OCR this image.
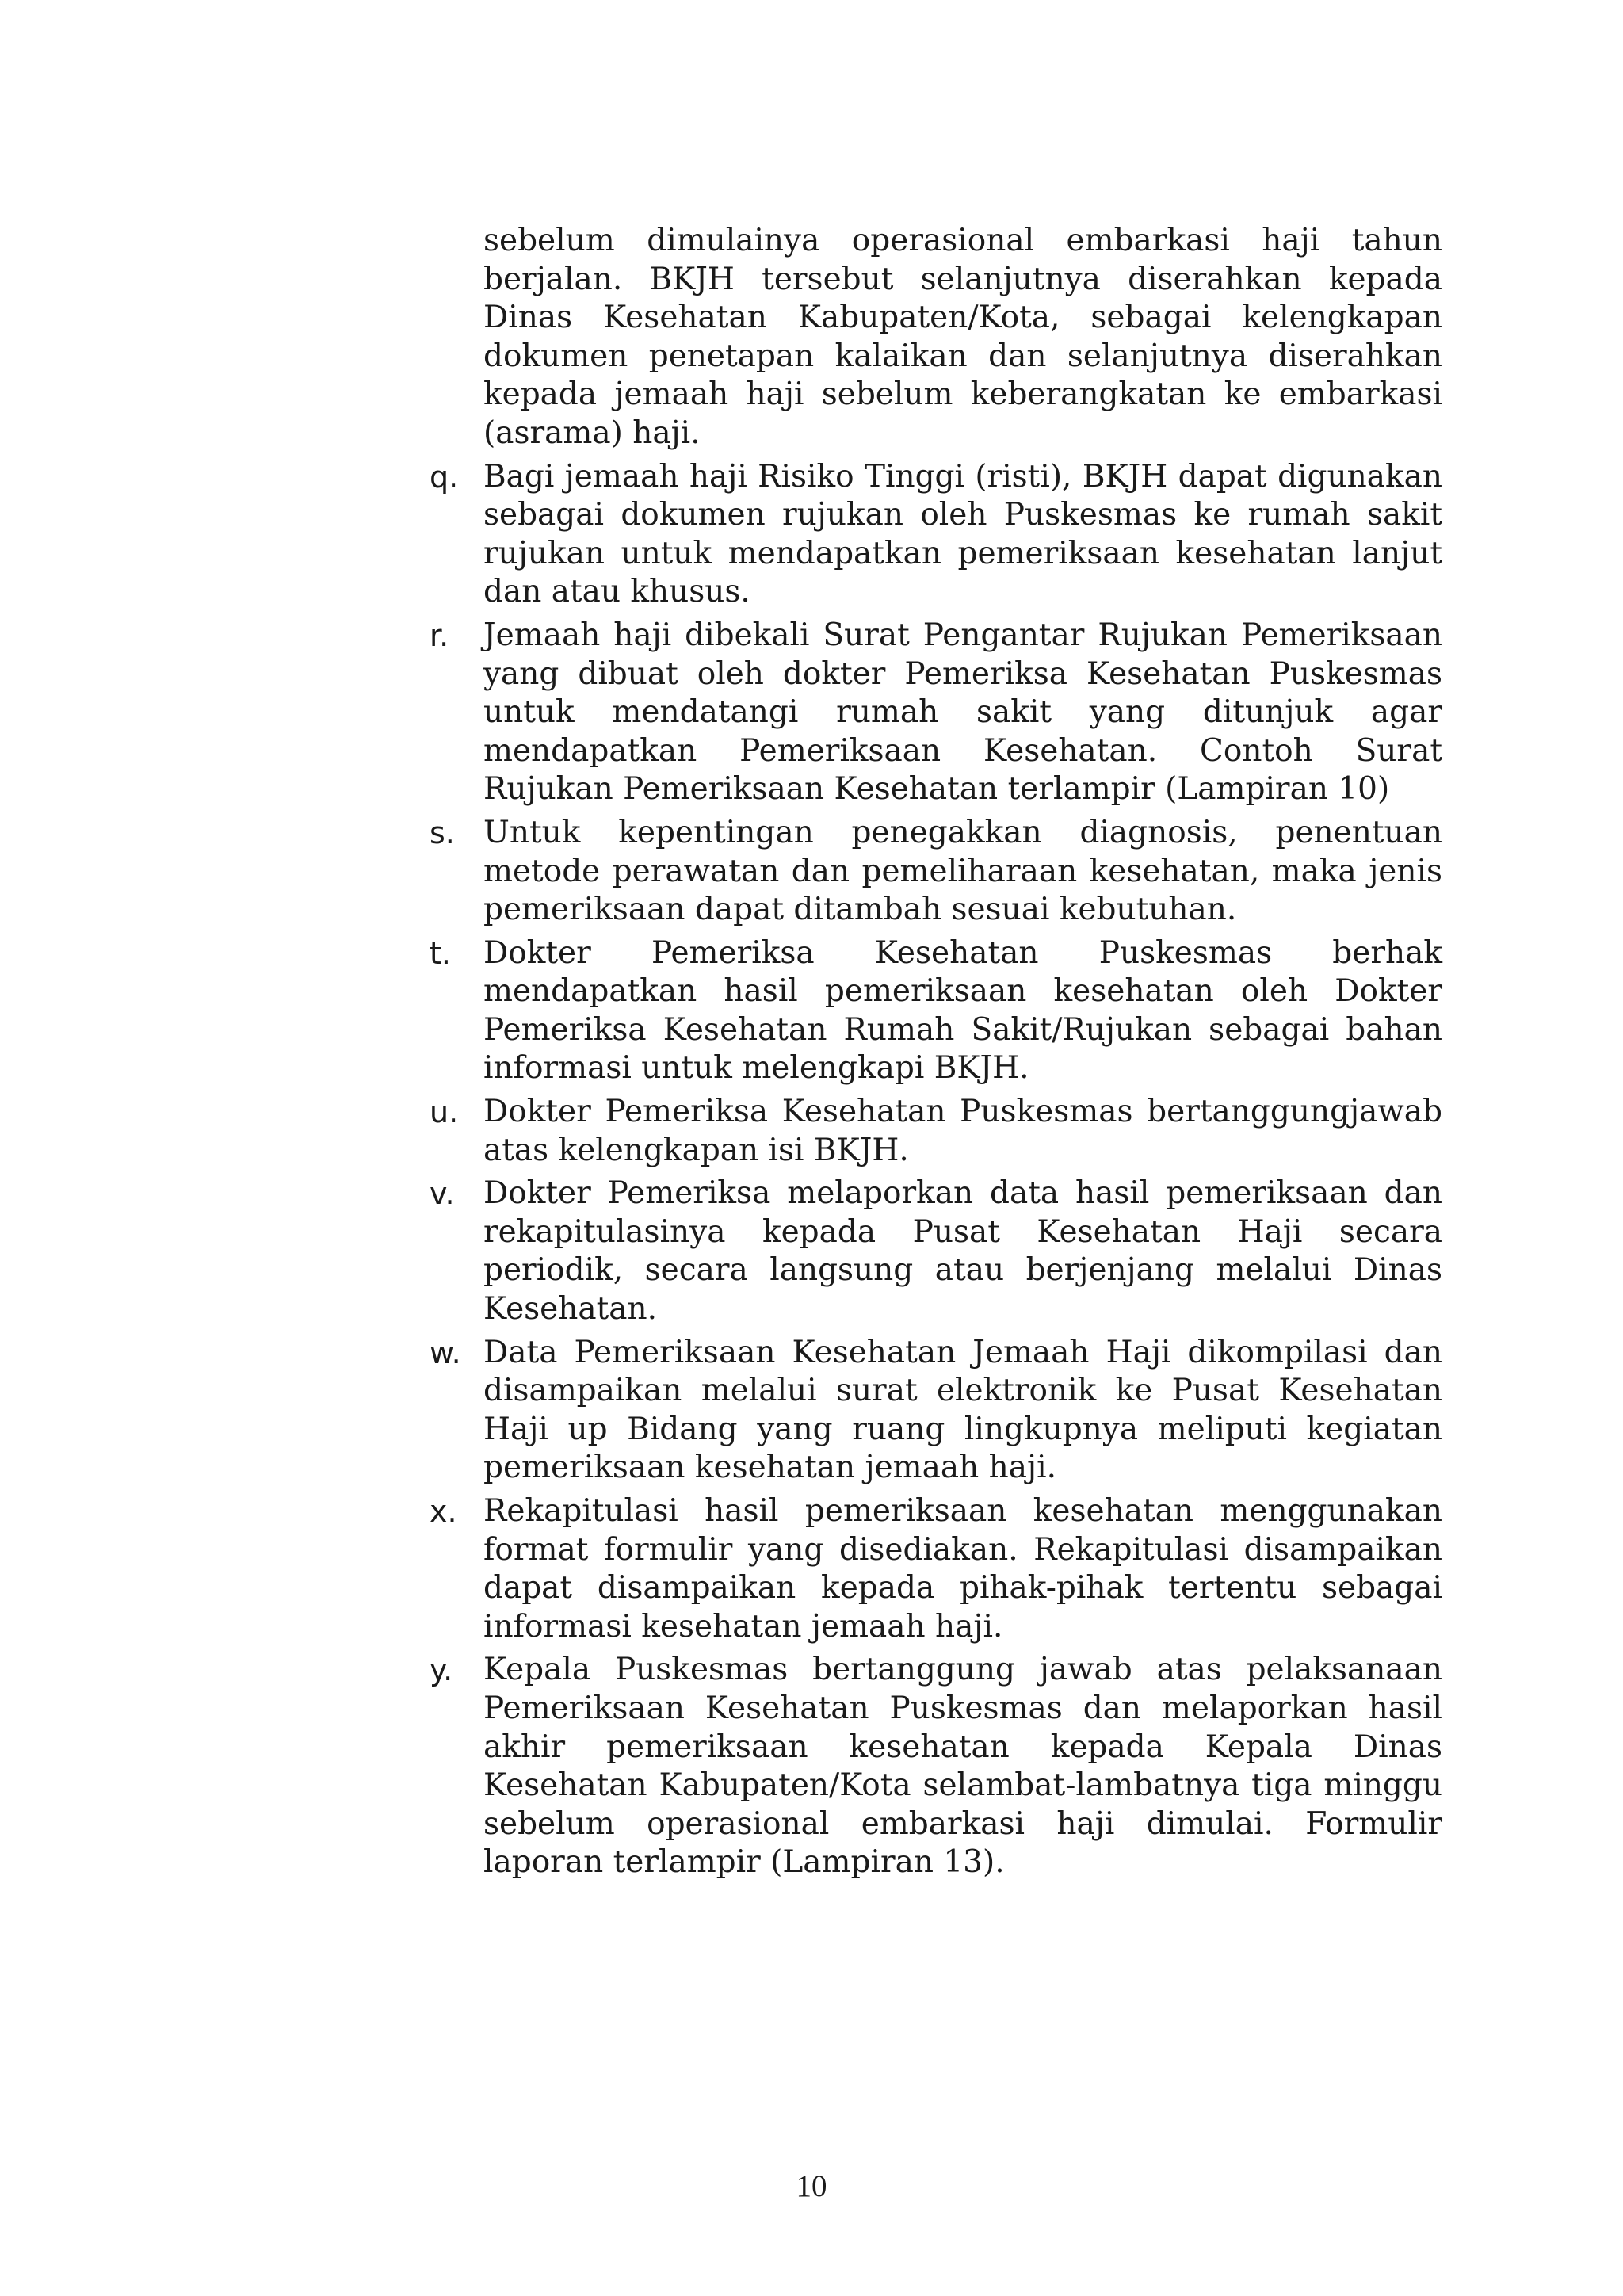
sebelum dimulainya operasional embarkasi haji tahun berjalan. BKJH tersebut selanjutnya diserahkan kepada Dinas Kesehatan Kabupaten/Kota, sebagai kelengkapan dokumen penetapan kalaikan dan selanjutnya diserahkan kepada jemaah haji sebelum keberangkatan ke embarkasi (asrama) haji.

q. Bagi jemaah haji Risiko Tinggi (risti), BKJH dapat digunakan sebagai dokumen rujukan oleh Puskesmas ke rumah sakit rujukan untuk mendapatkan pemeriksaan kesehatan lanjut dan atau khusus.
r.	Jemaah haji dibekali Surat Pengantar Rujukan Pemeriksaan yang dibuat oleh dokter Pemeriksa Kesehatan Puskesmas untuk mendatangi rumah sakit yang ditunjuk agar mendapatkan Pemeriksaan Kesehatan. Contoh Surat Rujukan Pemeriksaan Kesehatan terlampir (Lampiran 10)
s. Untuk kepentingan penegakkan diagnosis, penentuan metode perawatan dan pemeliharaan kesehatan, maka jenis pemeriksaan dapat ditambah sesuai kebutuhan.
t.	Dokter Pemeriksa Kesehatan Puskesmas berhak mendapatkan hasil pemeriksaan kesehatan oleh Dokter Pemeriksa Kesehatan Rumah Sakit/Rujukan sebagai bahan informasi untuk melengkapi BKJH.
u. Dokter Pemeriksa Kesehatan Puskesmas bertanggungjawab atas kelengkapan isi BKJH.
v. Dokter Pemeriksa melaporkan data hasil pemeriksaan dan rekapitulasinya kepada Pusat Kesehatan Haji secara periodik, secara langsung atau berjenjang melalui Dinas Kesehatan.
w. Data Pemeriksaan Kesehatan Jemaah Haji dikompilasi dan disampaikan melalui surat elektronik ke Pusat Kesehatan Haji up Bidang yang ruang lingkupnya meliputi kegiatan pemeriksaan kesehatan jemaah haji.
x. Rekapitulasi hasil pemeriksaan kesehatan menggunakan format formulir yang disediakan. Rekapitulasi disampaikan dapat disampaikan kepada pihak-pihak tertentu sebagai informasi kesehatan jemaah haji.
y. Kepala Puskesmas bertanggung jawab atas pelaksanaan Pemeriksaan Kesehatan Puskesmas dan melaporkan hasil akhir pemeriksaan kesehatan kepada Kepala Dinas Kesehatan Kabupaten/Kota selambat-lambatnya tiga minggu sebelum operasional embarkasi haji dimulai. Formulir laporan terlampir (Lampiran 13).
10
